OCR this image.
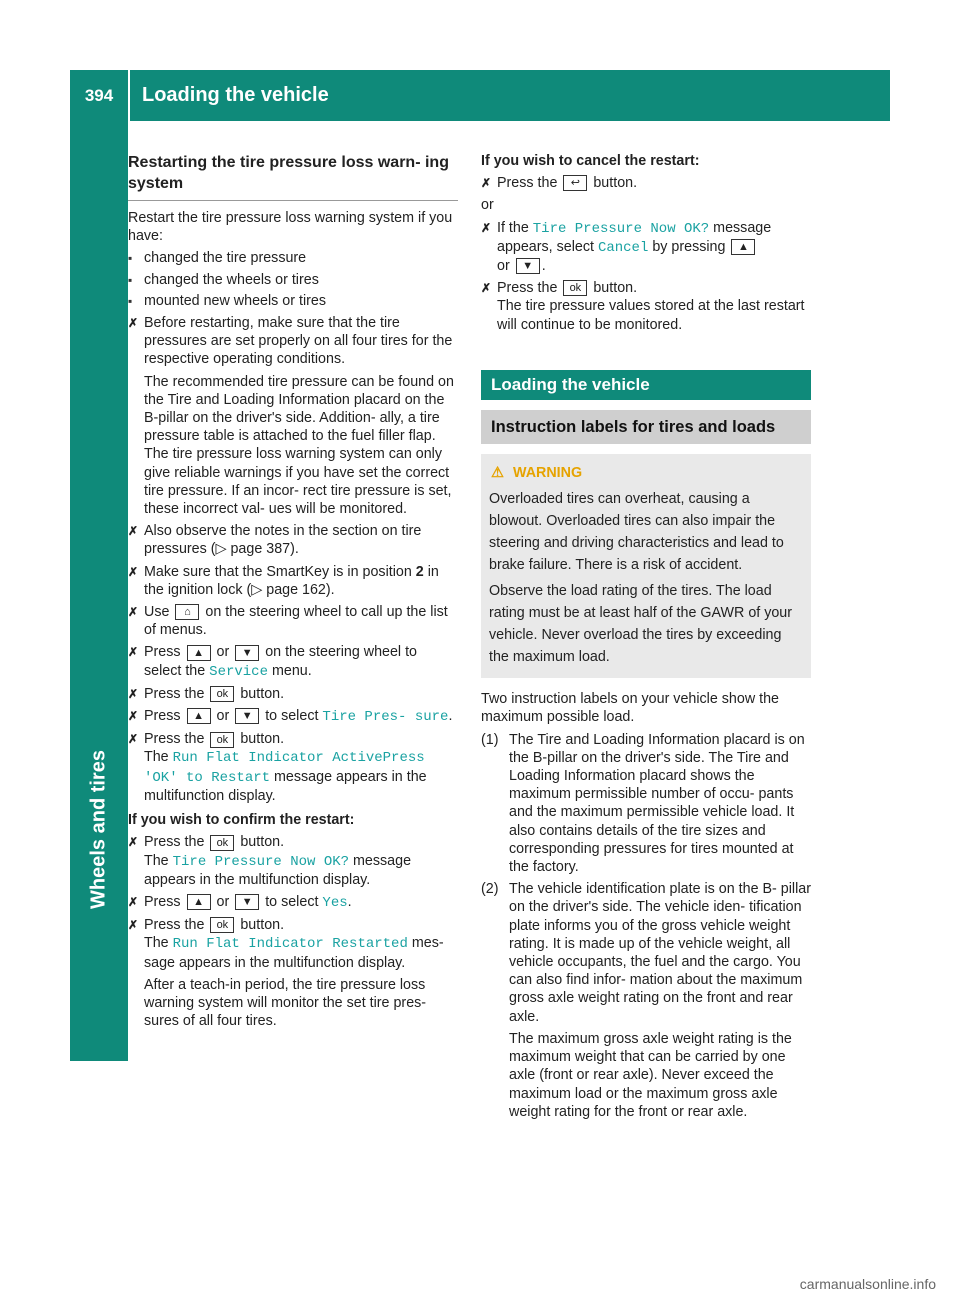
394	Loading the vehicle
Wheels and tires
Restarting the tire pressure loss warn- ing system

Restart the tire pressure loss warning system if you have:

▪ changed the tire pressure
▪ changed the wheels or tires
▪ mounted new wheels or tires
✗ Before restarting, make sure that the tire pressures are set properly on all four tires for the respective operating conditions.
The recommended tire pressure can be found on the Tire and Loading Information placard on the B-pillar on the driver's side. Addition- ally, a tire pressure table is attached to the fuel filler flap. The tire pressure loss warning system can only give reliable warnings if you have set the correct tire pressure. If an incor- rect tire pressure is set, these incorrect val- ues will be monitored.
✗ Also observe the notes in the section on tire pressures (▷ page 387).
✗ Make sure that the SmartKey is in position 2 in the ignition lock (▷ page 162).
✗ Use ⌂ on the steering wheel to call up the list of menus.
✗ Press ▲ or ▼ on the steering wheel to select the Service menu.
✗ Press the ok button.
✗ Press ▲ or ▼ to select Tire Pres- sure.
✗ Press the ok button.
The Run Flat Indicator ActivePress 'OK' to Restart message appears in the multifunction display.
If you wish to confirm the restart:
✗ Press the ok button.
The Tire Pressure Now OK? message appears in the multifunction display.
✗ Press ▲ or ▼ to select Yes.
✗ Press the ok button.
The Run Flat Indicator Restarted mes- sage appears in the multifunction display.
After a teach-in period, the tire pressure loss warning system will monitor the set tire pres- sures of all four tires.
If you wish to cancel the restart:
✗ Press the ↩ button.

or

✗ If the Tire Pressure Now OK? message appears, select Cancel by pressing ▲
or ▼ .
✗ Press the ok button.
The tire pressure values stored at the last restart will continue to be monitored.
Loading the vehicle
Instruction labels for tires and loads
⚠ WARNING
Overloaded tires can overheat, causing a blowout. Overloaded tires can also impair the steering and driving characteristics and lead to brake failure. There is a risk of accident.
Observe the load rating of the tires. The load rating must be at least half of the GAWR of your vehicle. Never overload the tires by exceeding the maximum load.

Two instruction labels on your vehicle show the maximum possible load.

(1) The Tire and Loading Information placard is on the B-pillar on the driver's side. The Tire and Loading Information placard shows the maximum permissible number of occu- pants and the maximum permissible vehicle load. It also contains details of the tire sizes and corresponding pressures for tires mounted at the factory.
(2) The vehicle identification plate is on the B- pillar on the driver's side. The vehicle iden- tification plate informs you of the gross vehicle weight rating. It is made up of the vehicle weight, all vehicle occupants, the fuel and the cargo. You can also find infor- mation about the maximum gross axle weight rating on the front and rear axle.
The maximum gross axle weight rating is the maximum weight that can be carried by one axle (front or rear axle). Never exceed the maximum load or the maximum gross axle weight rating for the front or rear axle.
carmanualsonline.info
